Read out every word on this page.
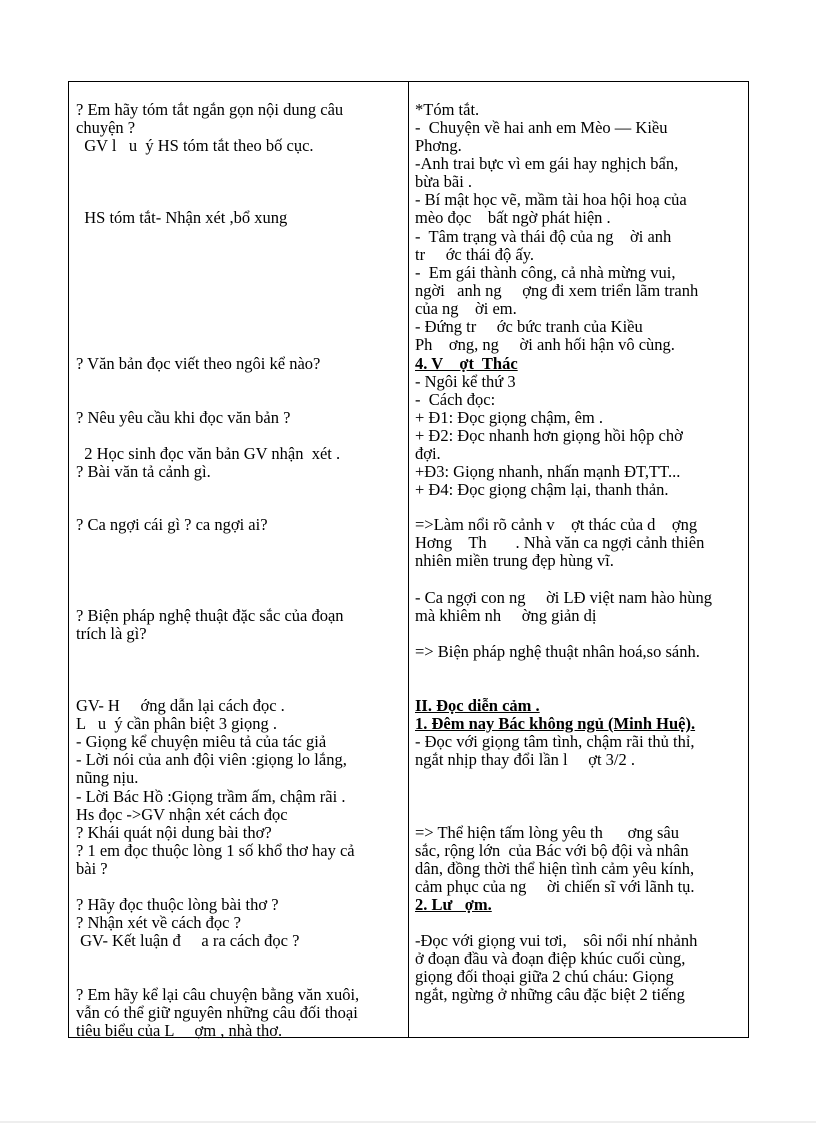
? Em hãy tóm tắt ngắn gọn nội dung câu
chuyện ?
GV l   u  ý HS tóm tắt theo bố cục.
HS tóm tắt- Nhận xét ,bổ xung
? Văn bản đọc viết theo ngôi kể nào?
? Nêu yêu cầu khi đọc văn bản ?
2 Học sinh đọc văn bản GV nhận  xét .
? Bài văn tả cảnh gì.
? Ca ngợi cái gì ? ca ngợi ai?
? Biện pháp nghệ thuật đặc sắc của đoạn
trích là gì?
GV- H     ớng dẫn lại cách đọc .
L   u  ý cần phân biệt 3 giọng .
- Giọng kể chuyện miêu tả của tác giả
- Lời nói của anh đội viên :giọng lo lắng,
nũng nịu.
- Lời Bác Hồ :Giọng trầm ấm, chậm rãi .
Hs đọc ->GV nhận xét cách đọc
? Khái quát nội dung bài thơ?
? 1 em đọc thuộc lòng 1 số khổ thơ hay cả
bài ?
? Hãy đọc thuộc lòng bài thơ ?
? Nhận xét về cách đọc ?
GV- Kết luận đ     a ra cách đọc ?
? Em hãy kể lại câu chuyện bằng văn xuôi,
vẫn có thể giữ nguyên những câu đối thoại
tiêu biểu của L     ợm , nhà thơ.
*Tóm tắt.
-  Chuyện về hai anh em Mèo — Kiều
Phơng.
-Anh trai bực vì em gái hay nghịch bẩn,
bừa bãi .
- Bí mật học vẽ, mầm tài hoa hội hoạ của
mèo đọc    bất ngờ phát hiện .
-  Tâm trạng và thái độ của ng    ời anh
tr     ớc thái độ ấy.
-  Em gái thành công, cả nhà mừng vui,
ngời   anh ng     ợng đi xem triển lãm tranh
của ng    ời em.
- Đứng tr     ớc bức tranh của Kiều
Ph    ơng, ng     ời anh hối hận vô cùng.
4. V    ợt  Thác
- Ngôi kể thứ 3
-  Cách đọc:
+ Đ1: Đọc giọng chậm, êm .
+ Đ2: Đọc nhanh hơn giọng hồi hộp chờ
đợi.
+Đ3: Giọng nhanh, nhấn mạnh ĐT,TT...
+ Đ4: Đọc giọng chậm lại, thanh thản.
=>Làm nổi rõ cảnh v    ợt thác của d    ợng
Hơng    Th       . Nhà văn ca ngợi cảnh thiên
nhiên miền trung đẹp hùng vĩ.
- Ca ngợi con ng     ời LĐ việt nam hào hùng
mà khiêm nh     ờng giản dị
=> Biện pháp nghệ thuật nhân hoá,so sánh.
II. Đọc diễn cảm .
1. Đêm nay Bác không ngủ (Minh Huệ).
- Đọc với giọng tâm tình, chậm rãi thủ thỉ,
ngắt nhịp thay đổi lần l     ợt 3/2 .
=> Thể hiện tấm lòng yêu th      ơng sâu
sắc, rộng lớn  của Bác với bộ đội và nhân
dân, đồng thời thể hiện tình cảm yêu kính,
cảm phục của ng     ời chiến sĩ với lãnh tụ.
2. Lư   ợm.
-Đọc với giọng vui tơi,    sôi nổi nhí nhảnh
ở đoạn đầu và đoạn điệp khúc cuối cùng,
giọng đối thoại giữa 2 chú cháu: Giọng
ngắt, ngừng ở những câu đặc biệt 2 tiếng
